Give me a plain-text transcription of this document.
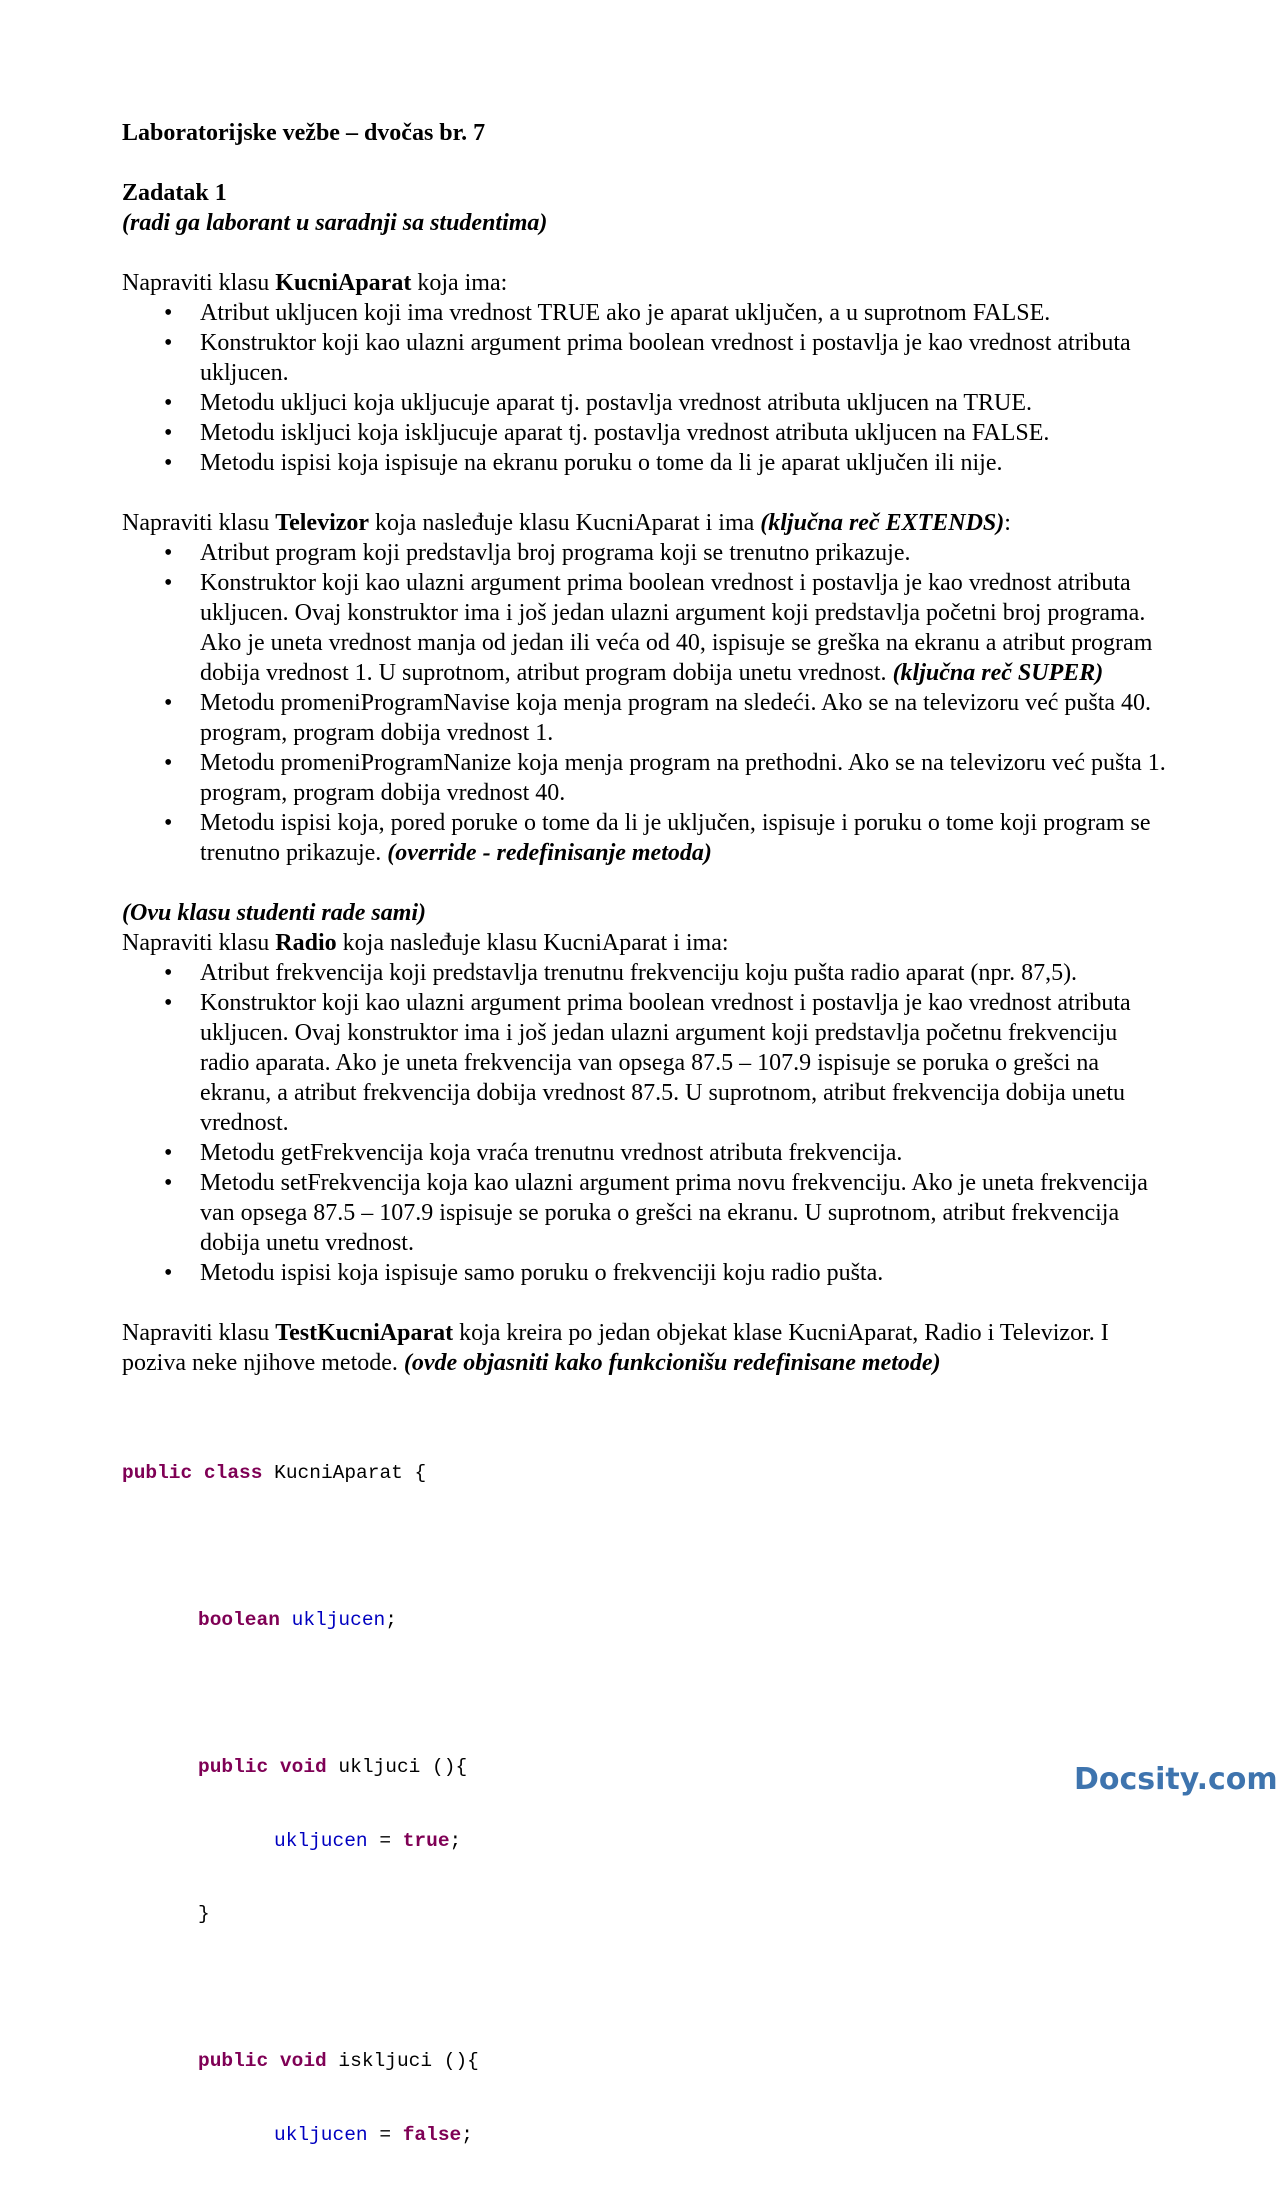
Laboratorijske vežbe – dvočas br. 7

Zadatak 1

(radi ga laborant u saradnji sa studentima)

Napraviti klasu KucniAparat koja ima:

• Atribut ukljucen koji ima vrednost TRUE ako je aparat uključen, a u suprotnom FALSE.
• Konstruktor koji kao ulazni argument prima boolean vrednost i postavlja je kao vrednost atributa ukljucen.
• Metodu ukljuci koja ukljucuje aparat tj. postavlja vrednost atributa ukljucen na TRUE.
• Metodu iskljuci koja iskljucuje aparat tj. postavlja vrednost atributa ukljucen na FALSE.
• Metodu ispisi koja ispisuje na ekranu poruku o tome da li je aparat uključen ili nije.

Napraviti klasu Televizor koja nasleđuje klasu KucniAparat i ima (ključna reč EXTENDS):

• Atribut program koji predstavlja broj programa koji se trenutno prikazuje.
• Konstruktor koji kao ulazni argument prima boolean vrednost i postavlja je kao vrednost atributa ukljucen. Ovaj konstruktor ima i još jedan ulazni argument koji predstavlja početni broj programa. Ako je uneta vrednost manja od jedan ili veća od 40, ispisuje se greška na ekranu a atribut program dobija vrednost 1. U suprotnom, atribut program dobija unetu vrednost. (ključna reč SUPER)
• Metodu promeniProgramNavise koja menja program na sledeći. Ako se na televizoru već pušta 40. program, program dobija vrednost 1.
• Metodu promeniProgramNanize koja menja program na prethodni. Ako se na televizoru već pušta 1. program, program dobija vrednost 40.
• Metodu ispisi koja, pored poruke o tome da li je uključen, ispisuje i poruku o tome koji program se trenutno prikazuje. (override - redefinisanje metoda)

(Ovu klasu studenti rade sami)

Napraviti klasu Radio koja nasleđuje klasu KucniAparat i ima:

• Atribut frekvencija koji predstavlja trenutnu frekvenciju koju pušta radio aparat (npr. 87,5).
• Konstruktor koji kao ulazni argument prima boolean vrednost i postavlja je kao vrednost atributa ukljucen. Ovaj konstruktor ima i još jedan ulazni argument koji predstavlja početnu frekvenciju radio aparata. Ako je uneta frekvencija van opsega 87.5 – 107.9 ispisuje se poruka o grešci na ekranu, a atribut frekvencija dobija vrednost 87.5. U suprotnom, atribut frekvencija dobija unetu vrednost.
• Metodu getFrekvencija koja vraća trenutnu vrednost atributa frekvencija.
• Metodu setFrekvencija koja kao ulazni argument prima novu frekvenciju. Ako je uneta frekvencija van opsega 87.5 – 107.9 ispisuje se poruka o grešci na ekranu. U suprotnom, atribut frekvencija dobija unetu vrednost.
• Metodu ispisi koja ispisuje samo poruku o frekvenciji koju radio pušta.

Napraviti klasu TestKucniAparat koja kreira po jedan objekat klase KucniAparat, Radio i Televizor. I poziva neke njihove metode. (ovde objasniti kako funkcionišu redefinisane metode)

public class KucniAparat {

boolean ukljucen;

public void ukljuci (){

ukljucen = true;

}

public void iskljuci (){

ukljucen = false;

Docsity.com
